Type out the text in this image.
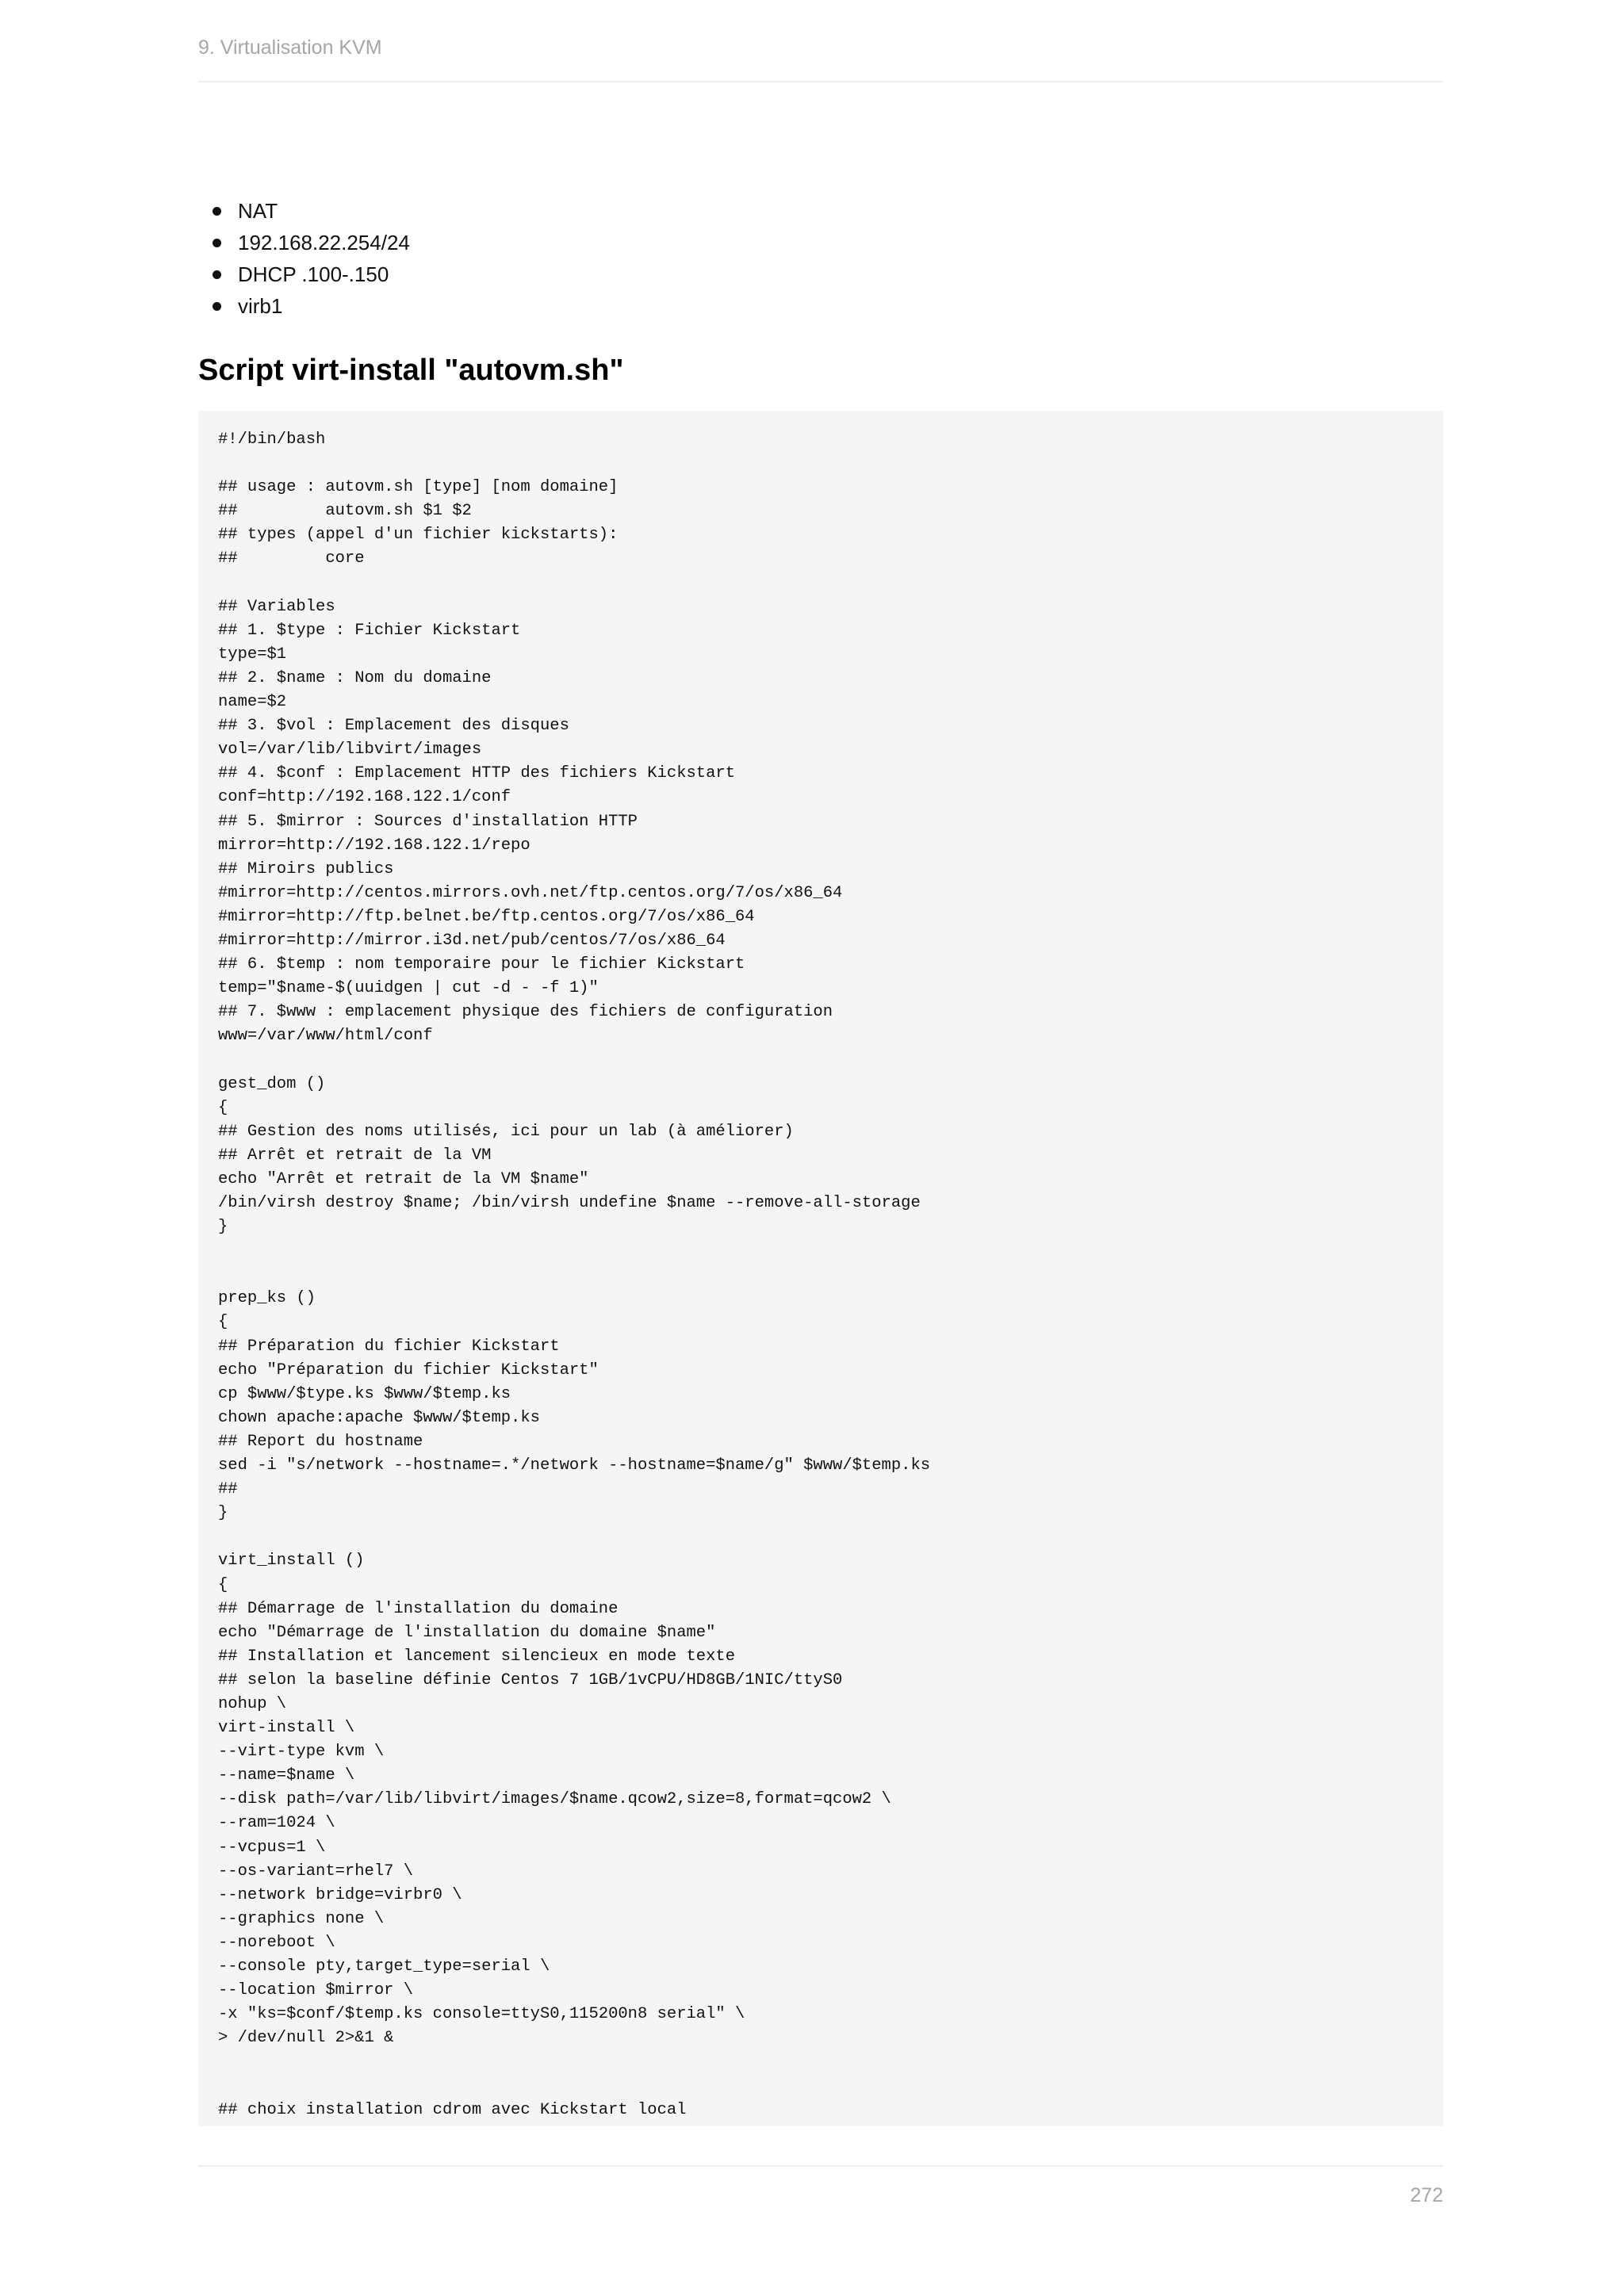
9. Virtualisation KVM
NAT
192.168.22.254/24
DHCP .100-.150
virb1
Script virt-install "autovm.sh"
#!/bin/bash

## usage : autovm.sh [type] [nom domaine]
##         autovm.sh $1 $2
## types (appel d'un fichier kickstarts):
##         core

## Variables
## 1. $type : Fichier Kickstart
type=$1
## 2. $name : Nom du domaine
name=$2
## 3. $vol : Emplacement des disques
vol=/var/lib/libvirt/images
## 4. $conf : Emplacement HTTP des fichiers Kickstart
conf=http://192.168.122.1/conf
## 5. $mirror : Sources d'installation HTTP
mirror=http://192.168.122.1/repo
## Miroirs publics
#mirror=http://centos.mirrors.ovh.net/ftp.centos.org/7/os/x86_64
#mirror=http://ftp.belnet.be/ftp.centos.org/7/os/x86_64
#mirror=http://mirror.i3d.net/pub/centos/7/os/x86_64
## 6. $temp : nom temporaire pour le fichier Kickstart
temp="$name-$(uuidgen | cut -d - -f 1)"
## 7. $www : emplacement physique des fichiers de configuration
www=/var/www/html/conf

gest_dom ()
{
## Gestion des noms utilisés, ici pour un lab (à améliorer)
## Arrêt et retrait de la VM
echo "Arrêt et retrait de la VM $name"
/bin/virsh destroy $name; /bin/virsh undefine $name --remove-all-storage
}

prep_ks ()
{
## Préparation du fichier Kickstart
echo "Préparation du fichier Kickstart"
cp $www/$type.ks $www/$temp.ks
chown apache:apache $www/$temp.ks
## Report du hostname
sed -i "s/network --hostname=.*/network --hostname=$name/g" $www/$temp.ks
##
}

virt_install ()
{
## Démarrage de l'installation du domaine
echo "Démarrage de l'installation du domaine $name"
## Installation et lancement silencieux en mode texte
## selon la baseline définie Centos 7 1GB/1vCPU/HD8GB/1NIC/ttyS0
nohup \
virt-install \
--virt-type kvm \
--name=$name \
--disk path=/var/lib/libvirt/images/$name.qcow2,size=8,format=qcow2 \
--ram=1024 \
--vcpus=1 \
--os-variant=rhel7 \
--network bridge=virbr0 \
--graphics none \
--noreboot \
--console pty,target_type=serial \
--location $mirror \
-x "ks=$conf/$temp.ks console=ttyS0,115200n8 serial" \
> /dev/null 2>&1 &

## choix installation cdrom avec Kickstart local
272
